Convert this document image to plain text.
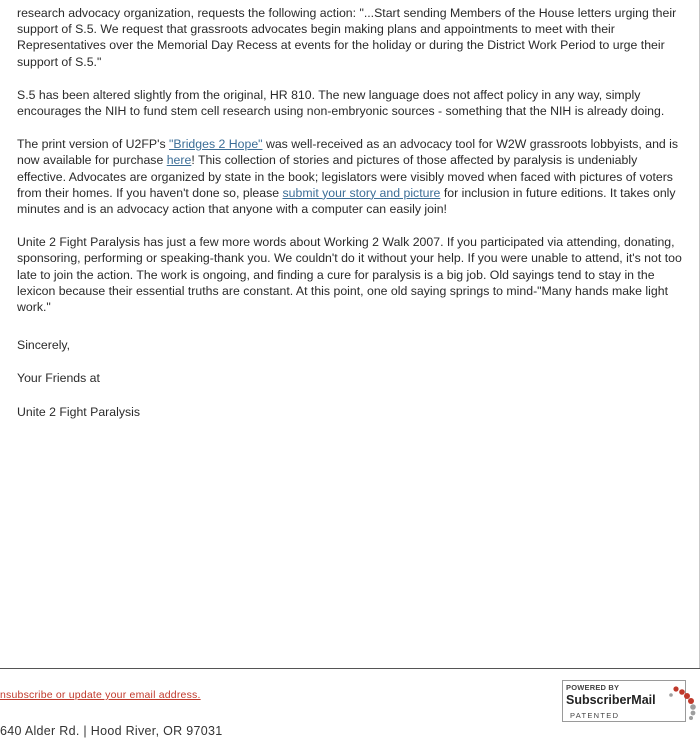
research advocacy organization, requests the following action: "...Start sending Members of the House letters urging their support of S.5. We request that grassroots advocates begin making plans and appointments to meet with their Representatives over the Memorial Day Recess at events for the holiday or during the District Work Period to urge their support of S.5."

S.5 has been altered slightly from the original, HR 810. The new language does not affect policy in any way, simply encourages the NIH to fund stem cell research using non-embryonic sources - something that the NIH is already doing.

The print version of U2FP's "Bridges 2 Hope" was well-received as an advocacy tool for W2W grassroots lobbyists, and is now available for purchase here! This collection of stories and pictures of those affected by paralysis is undeniably effective. Advocates are organized by state in the book; legislators were visibly moved when faced with pictures of voters from their homes. If you haven't done so, please submit your story and picture for inclusion in future editions. It takes only minutes and is an advocacy action that anyone with a computer can easily join!

Unite 2 Fight Paralysis has just a few more words about Working 2 Walk 2007. If you participated via attending, donating, sponsoring, performing or speaking-thank you. We couldn't do it without your help. If you were unable to attend, it's not too late to join the action. The work is ongoing, and finding a cure for paralysis is a big job. Old sayings tend to stay in the lexicon because their essential truths are constant. At this point, one old saying springs to mind-"Many hands make light work."

Sincerely,

Your Friends at

Unite 2 Fight Paralysis

nsubscribe or update your email address.
POWERED BY
SubscriberMail
PATENTED
640 Alder Rd. | Hood River, OR 97031
